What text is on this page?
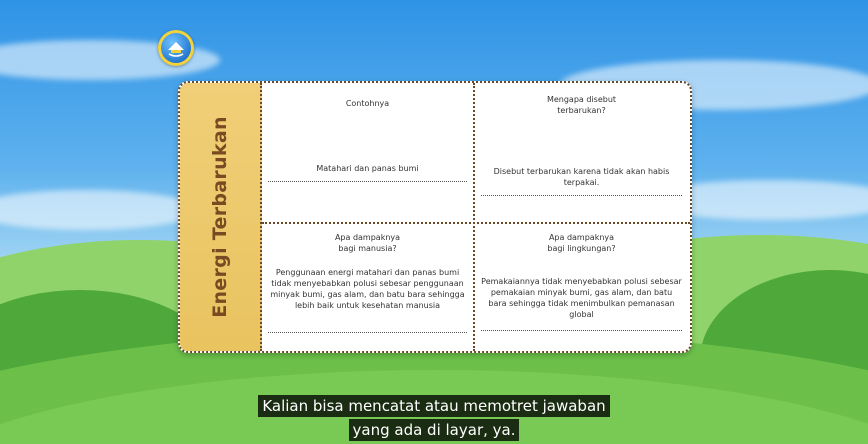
Energi Terbarukan
Contohnya
Matahari dan panas bumi
Mengapa disebut
terbarukan?
Disebut terbarukan karena tidak akan habis terpakai.
Apa dampaknya
bagi manusia?
Penggunaan energi matahari dan panas bumi tidak menyebabkan polusi sebesar penggunaan minyak bumi, gas alam, dan batu bara sehingga lebih baik untuk kesehatan manusia
Apa dampaknya
bagi lingkungan?
Pemakaiannya tidak menyebabkan polusi sebesar pemakaian minyak bumi, gas alam, dan batu bara sehingga tidak menimbulkan pemanasan global
Kalian bisa mencatat atau memotret jawaban
yang ada di layar, ya.
